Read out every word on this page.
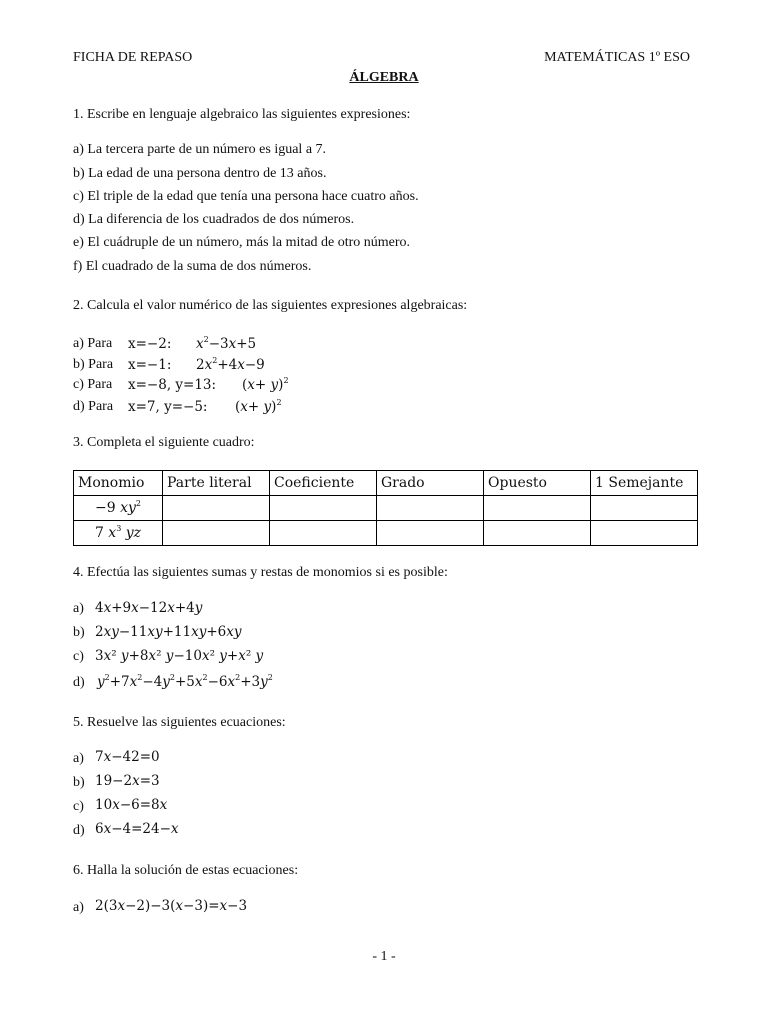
FICHA DE REPASO	MATEMÁTICAS 1º ESO
ÁLGEBRA
1. Escribe en lenguaje algebraico las siguientes expresiones:
a) La tercera parte de un número es igual a 7.
b) La edad de una persona dentro de 13 años.
c) El triple de la edad que tenía una persona hace cuatro años.
d) La diferencia de los cuadrados de dos números.
e) El cuádruple de un número, más la mitad de otro número.
f) El cuadrado de la suma de dos números.
2. Calcula el valor numérico de las siguientes expresiones algebraicas:
a) Para x=−2: $x^2-3x+5$
b) Para x=−1: $2x^2+4x-9$
c) Para x=−8, y=13: $(x+ y)^2$
d) Para x=7, y=−5: $(x+ y)^2$
3. Completa el siguiente cuadro:
Monomio	Parte literal	Coeficiente	Grado	Opuesto	1 Semejante
−9 $xy^2$					
7 $x^3$ yz					
4. Efectúa las siguientes sumas y restas de monomios si es posible:
a) 4x+9x−12x+4y
b) 2xy−11xy+11xy+6xy
c) 3x² y+8x² y−10x² y+x² y
d) $y^2+7x^2-4y^2+5x^2-6x^2+3y^2$
5. Resuelve las siguientes ecuaciones:
a) 7x−42=0
b) 19−2x=3
c) 10x−6=8x
d) 6x−4=24−x
6. Halla la solución de estas ecuaciones:
a) 2(3x−2)−3(x−3)=x−3
- 1 -
